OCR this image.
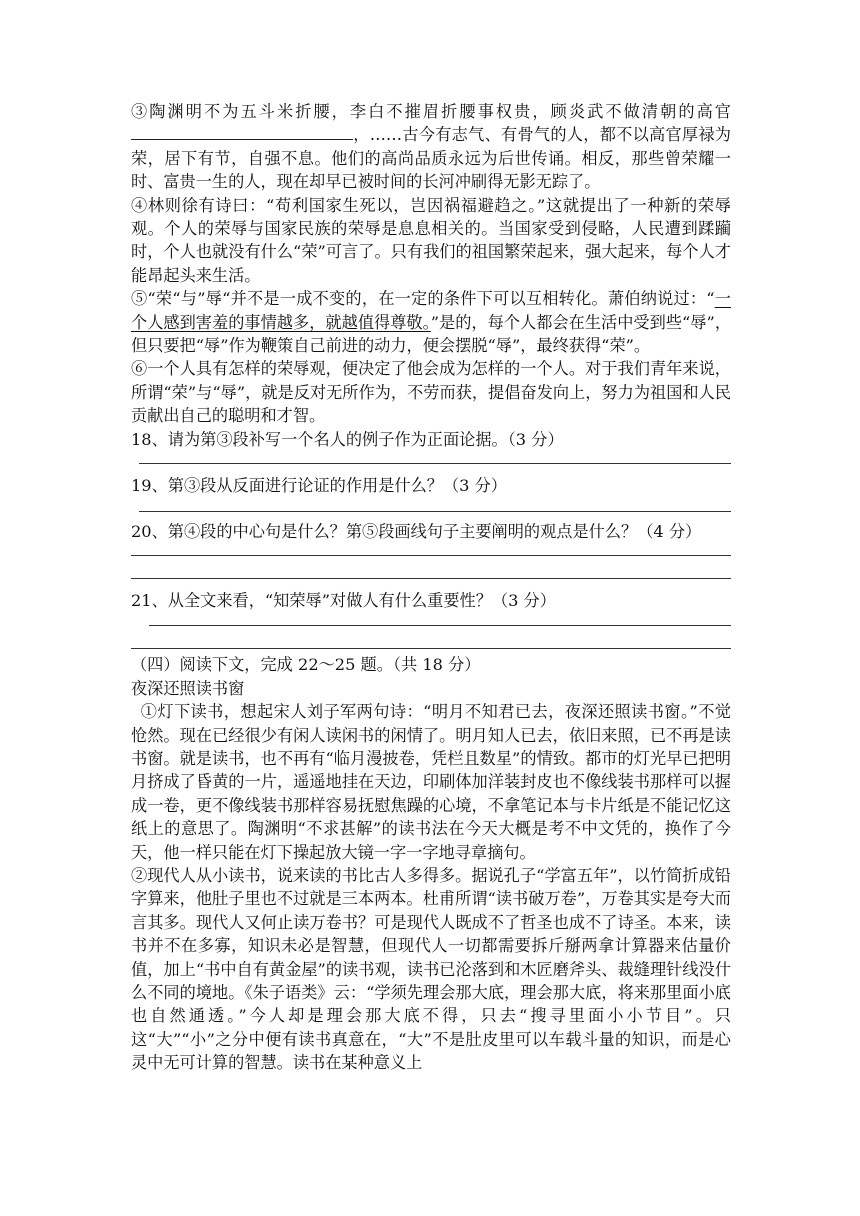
③陶渊明不为五斗米折腰，李白不摧眉折腰事权贵，顾炎武不做清朝的高官，……古今有志气、有骨气的人，都不以高官厚禄为荣，居下有节，自强不息。他们的高尚品质永远为后世传诵。相反，那些曾荣耀一时、富贵一生的人，现在却早已被时间的长河冲刷得无影无踪了。

④林则徐有诗曰：“苟利国家生死以，岂因祸福避趋之。”这就提出了一种新的荣辱观。个人的荣辱与国家民族的荣辱是息息相关的。当国家受到侵略，人民遭到蹂躏时，个人也就没有什么“荣”可言了。只有我们的祖国繁荣起来，强大起来，每个人才能昂起头来生活。

⑤“荣“与”辱“并不是一成不变的，在一定的条件下可以互相转化。萧伯纳说过：“一个人感到害羞的事情越多，就越值得尊敬。”是的，每个人都会在生活中受到些“辱”，但只要把“辱”作为鞭策自己前进的动力，便会摆脱“辱”，最终获得“荣”。

⑥一个人具有怎样的荣辱观，便决定了他会成为怎样的一个人。对于我们青年来说，所谓“荣”与“辱”，就是反对无所作为，不劳而获，提倡奋发向上，努力为祖国和人民贡献出自己的聪明和才智。

18、请为第③段补写一个名人的例子作为正面论据。（3 分）

19、第③段从反面进行论证的作用是什么？（3 分）

20、第④段的中心句是什么？第⑤段画线句子主要阐明的观点是什么？（4 分）

21、从全文来看，“知荣辱”对做人有什么重要性？（3 分）

（四）阅读下文，完成 22～25 题。（共 18 分）

夜深还照读书窗

①灯下读书，想起宋人刘子军两句诗：“明月不知君已去，夜深还照读书窗。”不觉怆然。现在已经很少有闲人读闲书的闲情了。明月知人已去，依旧来照，已不再是读书窗。就是读书，也不再有“临月漫披卷，凭栏且数星”的情致。都市的灯光早已把明月挤成了昏黄的一片，遥遥地挂在天边，印刷体加洋装封皮也不像线装书那样可以握成一卷，更不像线装书那样容易抚慰焦躁的心境，不拿笔记本与卡片纸是不能记忆这纸上的意思了。陶渊明“不求甚解”的读书法在今天大概是考不中文凭的，换作了今天，他一样只能在灯下操起放大镜一字一字地寻章摘句。

②现代人从小读书，说来读的书比古人多得多。据说孔子“学富五年”，以竹简折成铅字算来，他肚子里也不过就是三本两本。杜甫所谓“读书破万卷”，万卷其实是夸大而言其多。现代人又何止读万卷书？可是现代人既成不了哲圣也成不了诗圣。本来，读书并不在多寡，知识未必是智慧，但现代人一切都需要拆斤掰两拿计算器来估量价值，加上“书中自有黄金屋”的读书观，读书已沦落到和木匠磨斧头、裁缝理针线没什么不同的境地。《朱子语类》云：“学须先理会那大底，理会那大底，将来那里面小底也自然通透。”今人却是理会那大底不得，只去“搜寻里面小小节目”。只这“大”“小”之分中便有读书真意在，“大”不是肚皮里可以车载斗量的知识，而是心灵中无可计算的智慧。读书在某种意义上
